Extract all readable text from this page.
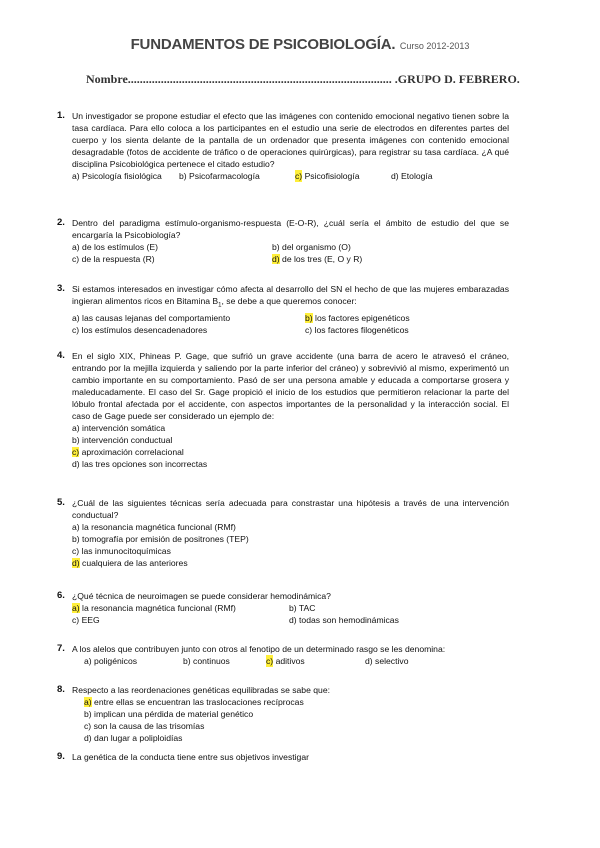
FUNDAMENTOS DE PSICOBIOLOGÍA. Curso 2012-2013
Nombre........................................................................................ .GRUPO D. FEBRERO.
1. Un investigador se propone estudiar el efecto que las imágenes con contenido emocional negativo tienen sobre la tasa cardíaca. Para ello coloca a los participantes en el estudio una serie de electrodos en diferentes partes del cuerpo y los sienta delante de la pantalla de un ordenador que presenta imágenes con contenido emocional desagradable (fotos de accidente de tráfico o de operaciones quirúrgicas), para registrar su tasa cardíaca. ¿A qué disciplina Psicobiológica pertenece el citado estudio?
a) Psicología fisiológica b) Psicofarmacología	c) Psicofisiología	d) Etología
2. Dentro del paradigma estímulo-organismo-respuesta (E-O-R), ¿cuál sería el ámbito de estudio del que se encargaría la Psicobiología?
a) de los estímulos (E)	b) del organismo (O)
c) de la respuesta (R)	d) de los tres (E, O y R)
3. Si estamos interesados en investigar cómo afecta al desarrollo del SN el hecho de que las mujeres embarazadas ingieran alimentos ricos en Bitamina $B_1$, se debe a que queremos conocer:
a) las causas lejanas del comportamiento	b) los factores epigenéticos
c) los estímulos desencadenadores	c) los factores filogenéticos
4. En el siglo XIX, Phineas P. Gage, que sufrió un grave accidente (una barra de acero le atravesó el cráneo, entrando por la mejilla izquierda y saliendo por la parte inferior del cráneo) y sobrevivió al mismo, experimentó un cambio importante en su comportamiento. Pasó de ser una persona amable y educada a comportarse grosera y maleducadamente. El caso del Sr. Gage propició el inicio de los estudios que permitieron relacionar la parte del lóbulo frontal afectada por el accidente, con aspectos importantes de la personalidad y la interacción social. El caso de Gage puede ser considerado un ejemplo de:
a) intervención somática
b) intervención conductual
c) aproximación correlacional
d) las tres opciones son incorrectas
5. ¿Cuál de las siguientes técnicas sería adecuada para constrastar una hipótesis a través de una intervención conductual?
a) la resonancia magnética funcional (RMf)
b) tomografía por emisión de positrones (TEP)
c) las inmunocitoquímicas
d) cualquiera de las anteriores
6. ¿Qué técnica de neuroimagen se puede considerar hemodinámica?
a) la resonancia magnética funcional (RMf)	b) TAC
c) EEG	d) todas son hemodinámicas
7. A los alelos que contribuyen junto con otros al fenotipo de un determinado rasgo se les denomina:
a) poligénicos	b) continuos	c) aditivos	d) selectivo
8. Respecto a las reordenaciones genéticas equilibradas se sabe que:
a) entre ellas se encuentran las traslocaciones recíprocas
b) implican una pérdida de material genético
c) son la causa de las trisomías
d) dan lugar a poliploidías
9. La genética de la conducta tiene entre sus objetivos investigar
